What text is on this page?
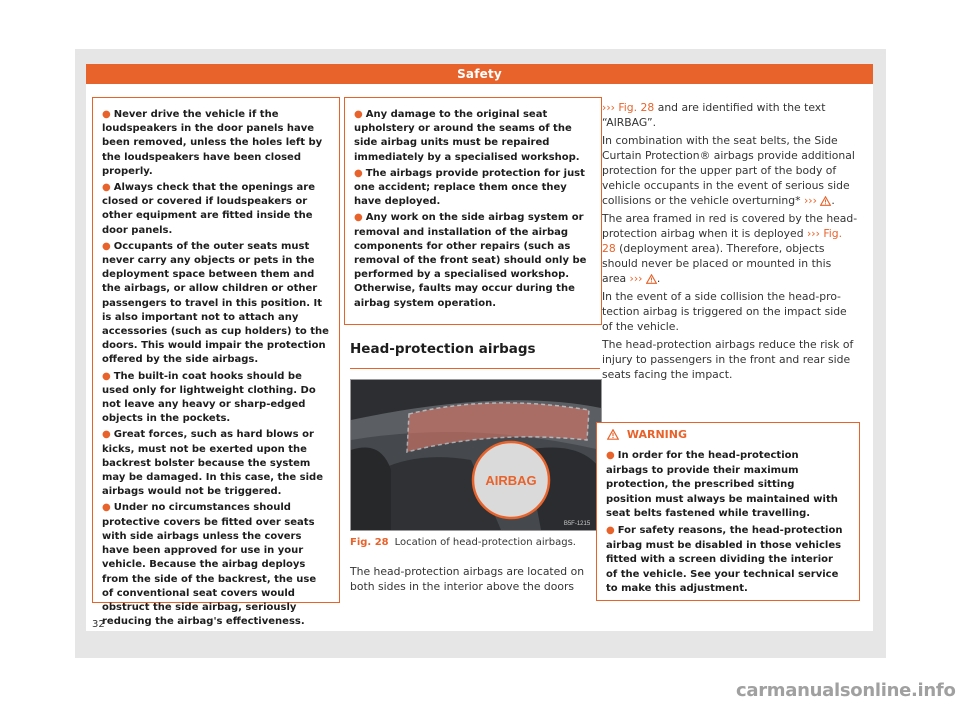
Safety
● Never drive the vehicle if the loudspeakers in the door panels have been removed, unless the holes left by the loudspeakers have been closed properly.
● Always check that the openings are closed or covered if loudspeakers or other equipment are fitted inside the door panels.
● Occupants of the outer seats must never carry any objects or pets in the deployment space between them and the airbags, or allow children or other passengers to travel in this position. It is also important not to attach any accessories (such as cup holders) to the doors. This would impair the protection offered by the side airbags.
● The built-in coat hooks should be used only for lightweight clothing. Do not leave any heavy or sharp-edged objects in the pockets.
● Great forces, such as hard blows or kicks, must not be exerted upon the backrest bolster because the system may be damaged. In this case, the side airbags would not be triggered.
● Under no circumstances should protective covers be fitted over seats with side airbags unless the covers have been approved for use in your vehicle. Because the airbag deploys from the side of the backrest, the use of conventional seat covers would obstruct the side airbag, seriously reducing the airbag's effectiveness.
● Any damage to the original seat upholstery or around the seams of the side airbag units must be repaired immediately by a specialised workshop.
● The airbags provide protection for just one accident; replace them once they have deployed.
● Any work on the side airbag system or removal and installation of the airbag components for other repairs (such as removal of the front seat) should only be performed by a specialised workshop. Otherwise, faults may occur during the airbag system operation.
Head-protection airbags
AIRBAG
B5F-1215
Fig. 28 Location of head-protection airbags.
The head-protection airbags are located on both sides in the interior above the doors

››› Fig. 28 and are identified with the text “AIRBAG”.

In combination with the seat belts, the Side Curtain Protection® airbags provide additional protection for the upper part of the body of vehicle occupants in the event of serious side collisions or the vehicle overturning* ››› .

The area framed in red is covered by the head-protection airbag when it is deployed ››› Fig. 28 (deployment area). Therefore, objects should never be placed or mounted in this area ››› .

In the event of a side collision the head-protection airbag is triggered on the impact side of the vehicle.

The head-protection airbags reduce the risk of injury to passengers in the front and rear side seats facing the impact.

WARNING
● In order for the head-protection airbags to provide their maximum protection, the prescribed sitting position must always be maintained with seat belts fastened while travelling.
● For safety reasons, the head-protection airbag must be disabled in those vehicles fitted with a screen dividing the interior of the vehicle. See your technical service to make this adjustment.
32
carmanualsonline.info
